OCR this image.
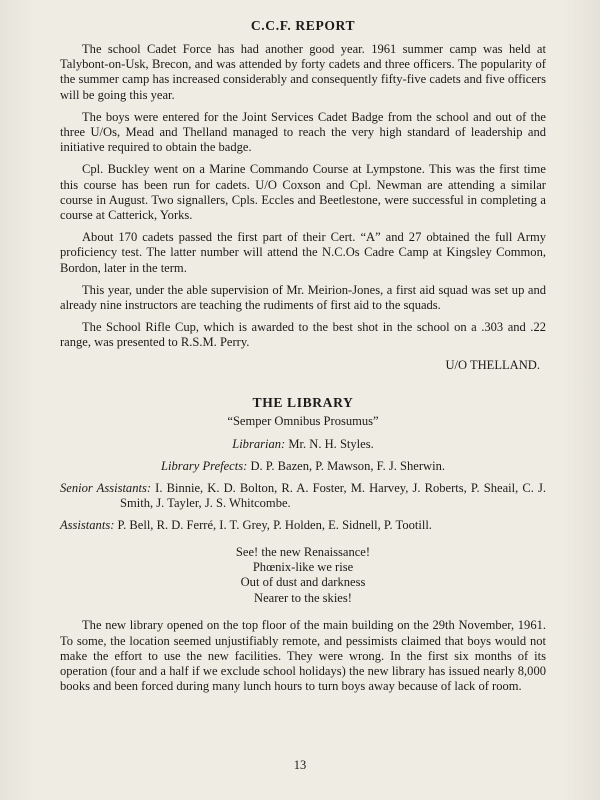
C.C.F. REPORT

The school Cadet Force has had another good year. 1961 summer camp was held at Talybont-on-Usk, Brecon, and was attended by forty cadets and three officers. The popularity of the summer camp has increased considerably and consequently fifty-five cadets and five officers will be going this year.

The boys were entered for the Joint Services Cadet Badge from the school and out of the three U/Os, Mead and Thelland managed to reach the very high standard of leadership and initiative required to obtain the badge.

Cpl. Buckley went on a Marine Commando Course at Lympstone. This was the first time this course has been run for cadets. U/O Coxson and Cpl. Newman are attending a similar course in August. Two signallers, Cpls. Eccles and Beetlestone, were successful in completing a course at Catterick, Yorks.

About 170 cadets passed the first part of their Cert. “A” and 27 obtained the full Army proficiency test. The latter number will attend the N.C.Os Cadre Camp at Kingsley Common, Bordon, later in the term.

This year, under the able supervision of Mr. Meirion-Jones, a first aid squad was set up and already nine instructors are teaching the rudiments of first aid to the squads.

The School Rifle Cup, which is awarded to the best shot in the school on a .303 and .22 range, was presented to R.S.M. Perry.

U/O THELLAND.
THE LIBRARY
“Semper Omnibus Prosumus”
Librarian: Mr. N. H. Styles.
Library Prefects: D. P. Bazen, P. Mawson, F. J. Sherwin.
Senior Assistants: I. Binnie, K. D. Bolton, R. A. Foster, M. Harvey, J. Roberts, P. Sheail, C. J. Smith, J. Tayler, J. S. Whitcombe.
Assistants: P. Bell, R. D. Ferré, I. T. Grey, P. Holden, E. Sidnell, P. Tootill.
See! the new Renaissance!
Phœnix-like we rise
Out of dust and darkness
Nearer to the skies!

The new library opened on the top floor of the main building on the 29th November, 1961. To some, the location seemed unjustifiably remote, and pessimists claimed that boys would not make the effort to use the new facilities. They were wrong. In the first six months of its operation (four and a half if we exclude school holidays) the new library has issued nearly 8,000 books and been forced during many lunch hours to turn boys away because of lack of room.

13
